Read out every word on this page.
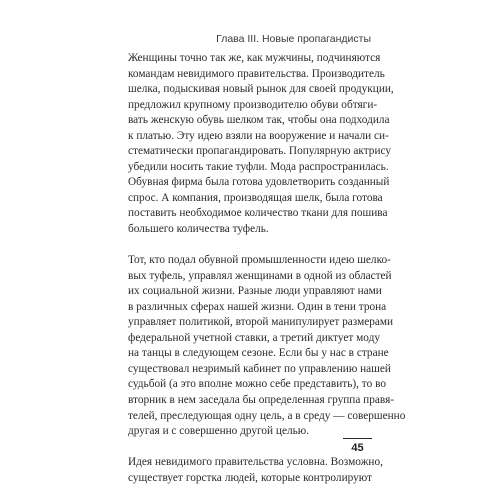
Глава III. Новые пропагандисты
Женщины точно так же, как мужчины, подчиняются
командам невидимого правительства. Производитель
шелка, подыскивая новый рынок для своей продукции,
предложил крупному производителю обуви обтяги-
вать женскую обувь шелком так, чтобы она подходила
к платью. Эту идею взяли на вооружение и начали си-
стематически пропагандировать. Популярную актрису
убедили носить такие туфли. Мода распространилась.
Обувная фирма была готова удовлетворить созданный
спрос. А компания, производящая шелк, была готова
поставить необходимое количество ткани для пошива
большего количества туфель.
Тот, кто подал обувной промышленности идею шелко-
вых туфель, управлял женщинами в одной из областей
их социальной жизни. Разные люди управляют нами
в различных сферах нашей жизни. Один в тени трона
управляет политикой, второй манипулирует размерами
федеральной учетной ставки, а третий диктует моду
на танцы в следующем сезоне. Если бы у нас в стране
существовал незримый кабинет по управлению нашей
судьбой (а это вполне можно себе представить), то во
вторник в нем заседала бы определенная группа правя-
телей, преследующая одну цель, а в среду — совершенно
другая и с совершенно другой целью.
Идея невидимого правительства условна. Возможно,
существует горстка людей, которые контролируют
45
